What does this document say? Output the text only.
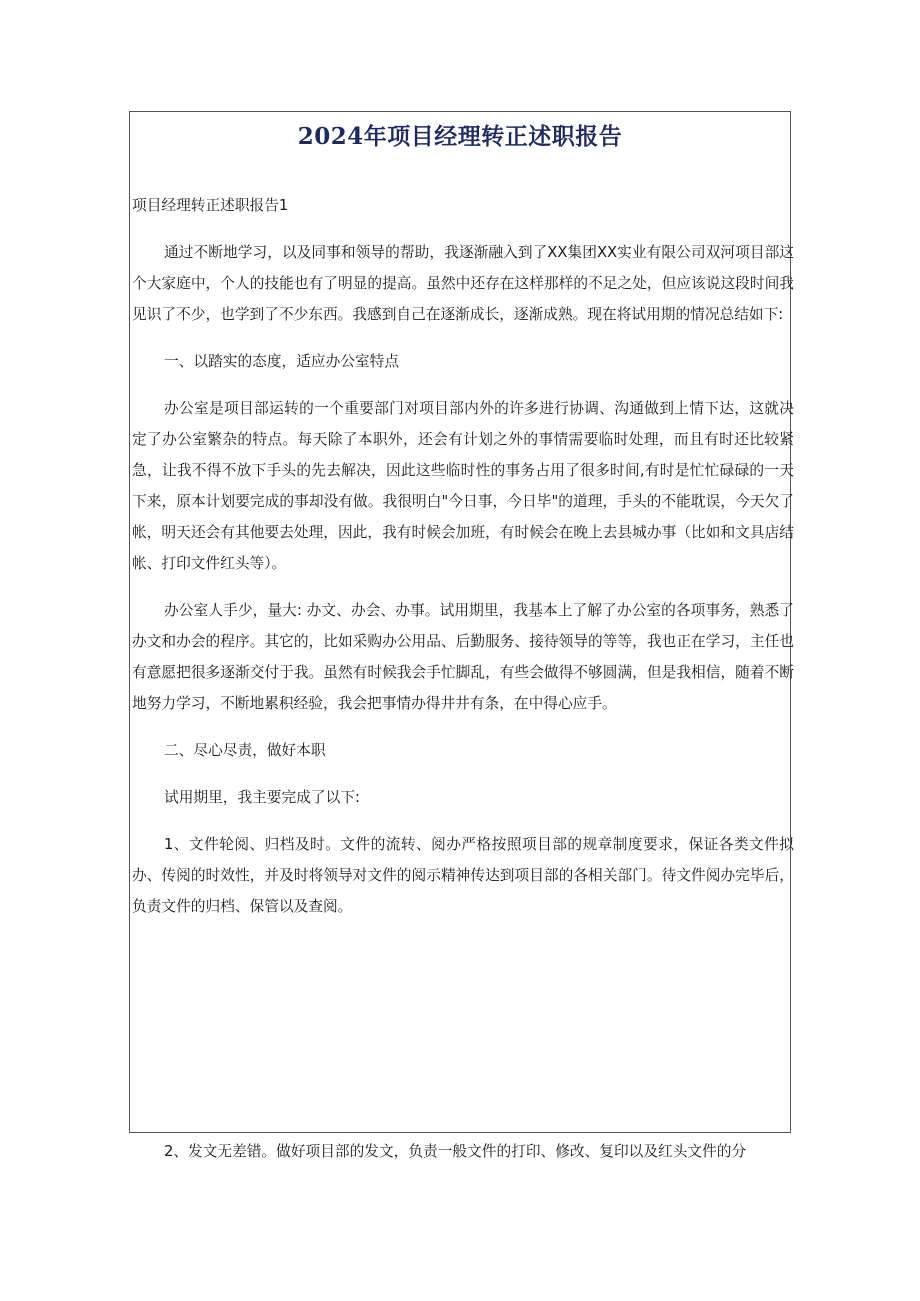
2024年项目经理转正述职报告

项目经理转正述职报告1

通过不断地学习，以及同事和领导的帮助，我逐渐融入到了XX集团XX实业有限公司双河项目部这个大家庭中，个人的技能也有了明显的提高。虽然中还存在这样那样的不足之处，但应该说这段时间我见识了不少，也学到了不少东西。我感到自己在逐渐成长，逐渐成熟。现在将试用期的情况总结如下:

一、以踏实的态度，适应办公室特点

办公室是项目部运转的一个重要部门对项目部内外的许多进行协调、沟通做到上情下达，这就决定了办公室繁杂的特点。每天除了本职外，还会有计划之外的事情需要临时处理，而且有时还比较紧急，让我不得不放下手头的先去解决，因此这些临时性的事务占用了很多时间,有时是忙忙碌碌的一天下来，原本计划要完成的事却没有做。我很明白"今日事，今日毕"的道理，手头的不能耽误，今天欠了帐，明天还会有其他要去处理，因此，我有时候会加班，有时候会在晚上去县城办事（比如和文具店结帐、打印文件红头等）。

办公室人手少，量大: 办文、办会、办事。试用期里，我基本上了解了办公室的各项事务，熟悉了办文和办会的程序。其它的，比如采购办公用品、后勤服务、接待领导的等等，我也正在学习，主任也有意愿把很多逐渐交付于我。虽然有时候我会手忙脚乱，有些会做得不够圆满，但是我相信，随着不断地努力学习，不断地累积经验，我会把事情办得井井有条，在中得心应手。

二、尽心尽责，做好本职

试用期里，我主要完成了以下:

1、文件轮阅、归档及时。文件的流转、阅办严格按照项目部的规章制度要求，保证各类文件拟办、传阅的时效性，并及时将领导对文件的阅示精神传达到项目部的各相关部门。待文件阅办完毕后，负责文件的归档、保管以及查阅。

2、发文无差错。做好项目部的发文，负责一般文件的打印、修改、复印以及红头文件的分
